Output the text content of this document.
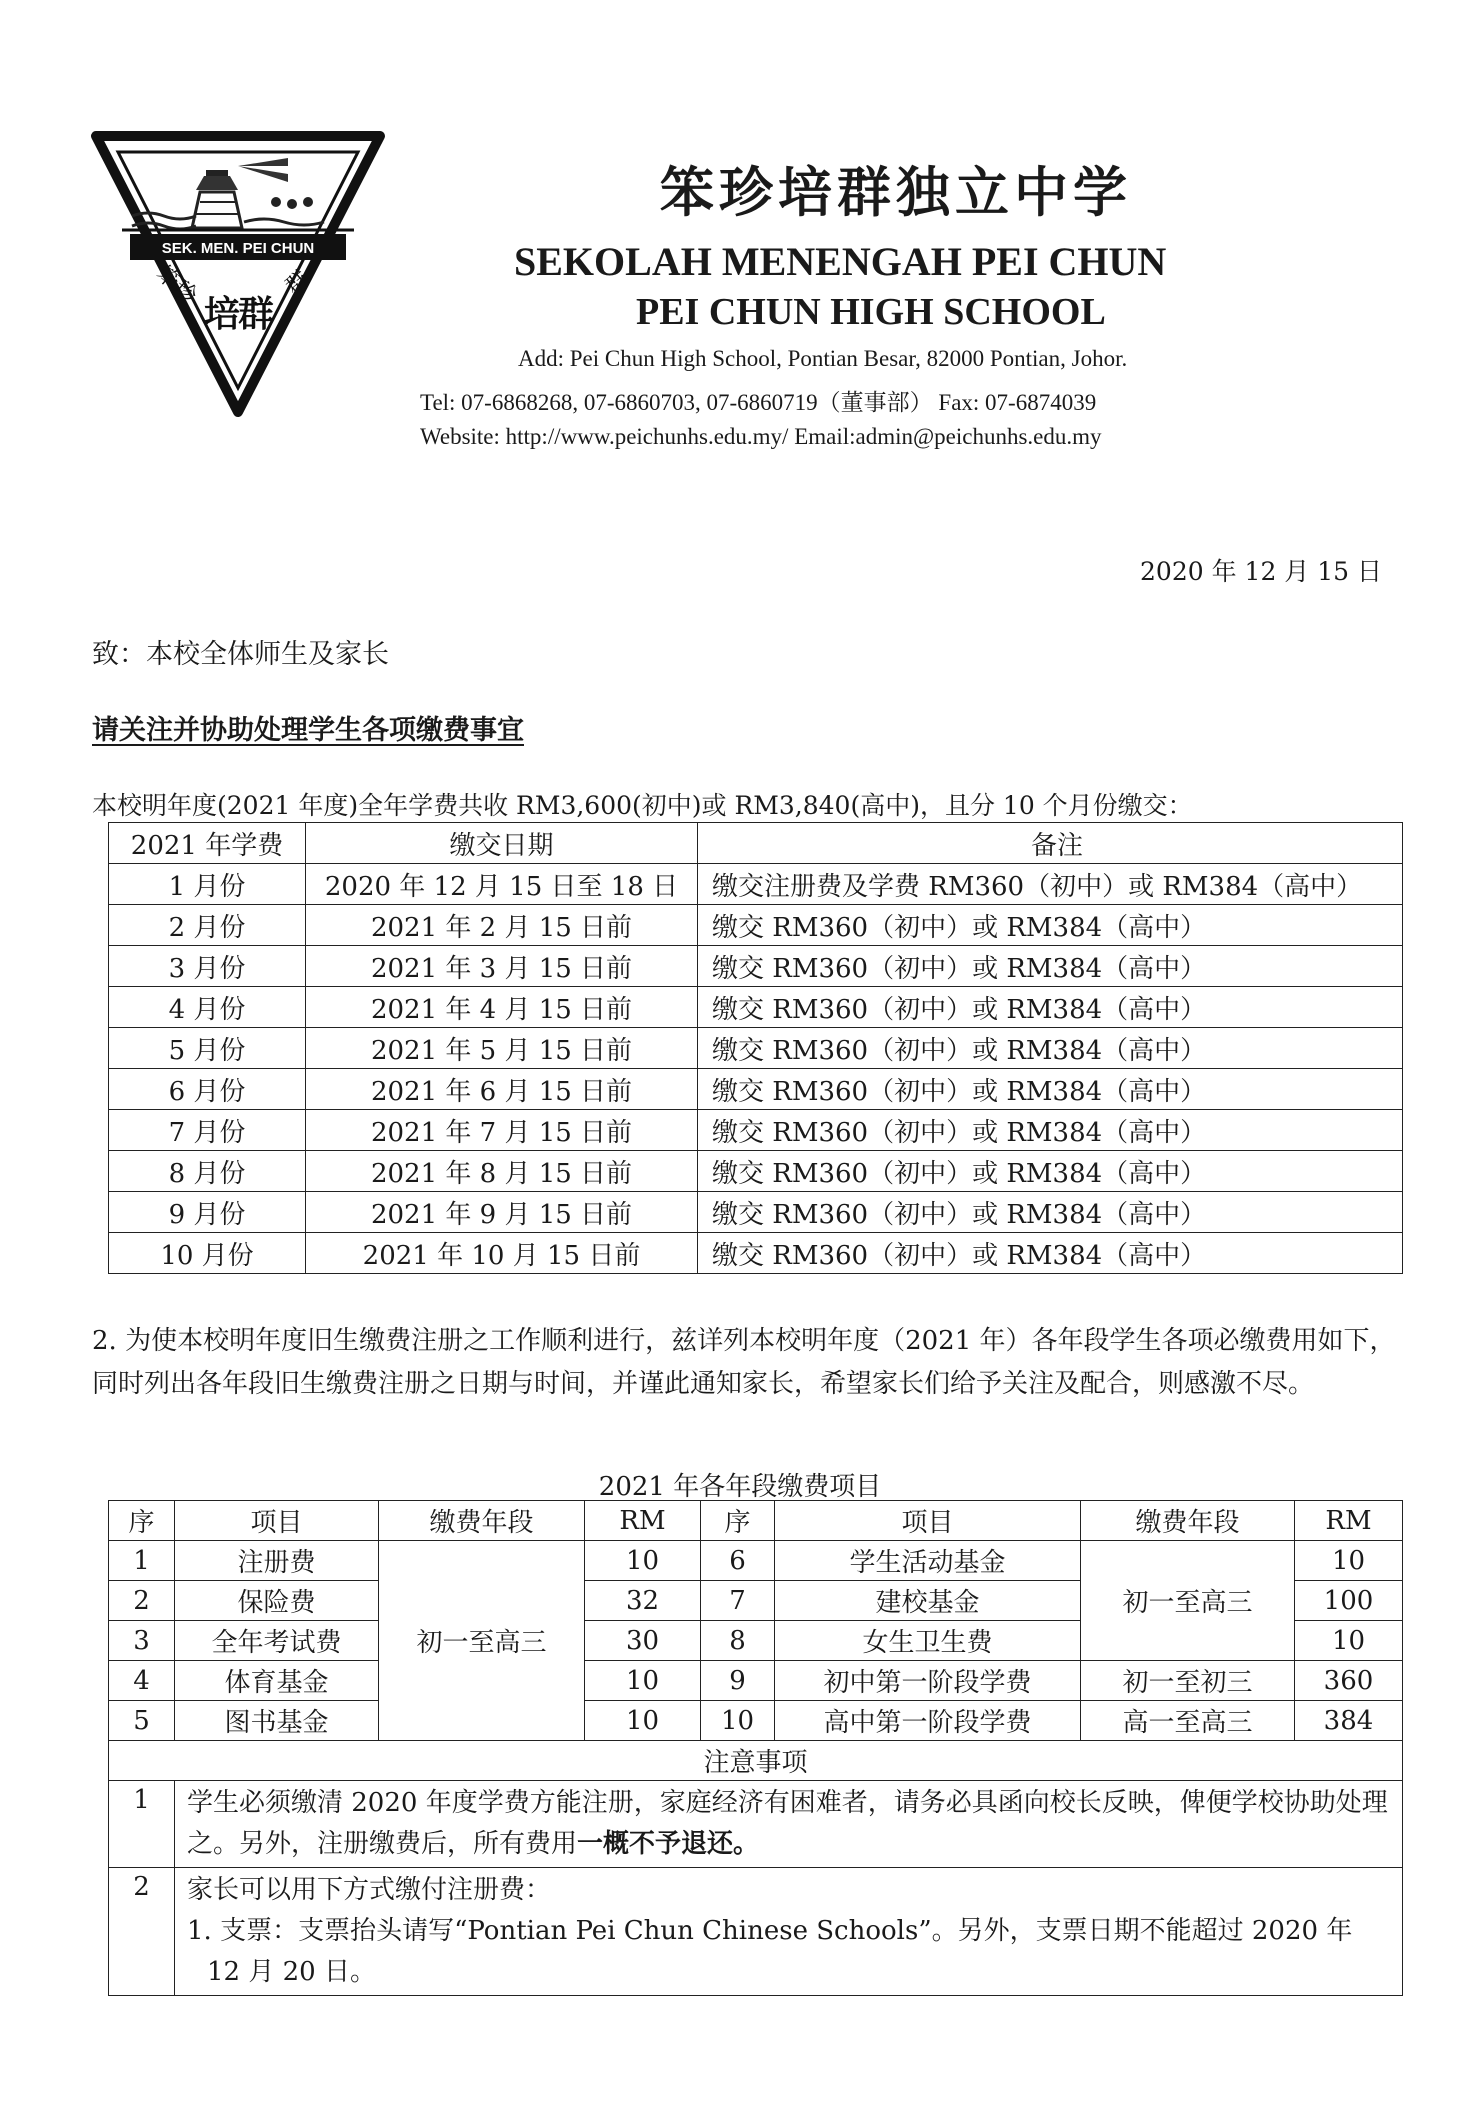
SEK. MEN. PEI CHUN
笨珍	群
培群
笨珍培群独立中学
SEKOLAH MENENGAH PEI CHUN
PEI CHUN HIGH SCHOOL
Add: Pei Chun High School, Pontian Besar, 82000 Pontian, Johor.
Tel: 07-6868268, 07-6860703, 07-6860719（董事部） Fax: 07-6874039
Website: http://www.peichunhs.edu.my/ Email:admin@peichunhs.edu.my
2020 年 12 月 15 日
致：本校全体师生及家长
请关注并协助处理学生各项缴费事宜
本校明年度(2021 年度)全年学费共收 RM3,600(初中)或 RM3,840(高中)，且分 10 个月份缴交：
2021 年学费	缴交日期	备注
1 月份	2020 年 12 月 15 日至 18 日	缴交注册费及学费 RM360（初中）或 RM384（高中）
2 月份	2021 年 2 月 15 日前	缴交 RM360（初中）或 RM384（高中）
3 月份	2021 年 3 月 15 日前	缴交 RM360（初中）或 RM384（高中）
4 月份	2021 年 4 月 15 日前	缴交 RM360（初中）或 RM384（高中）
5 月份	2021 年 5 月 15 日前	缴交 RM360（初中）或 RM384（高中）
6 月份	2021 年 6 月 15 日前	缴交 RM360（初中）或 RM384（高中）
7 月份	2021 年 7 月 15 日前	缴交 RM360（初中）或 RM384（高中）
8 月份	2021 年 8 月 15 日前	缴交 RM360（初中）或 RM384（高中）
9 月份	2021 年 9 月 15 日前	缴交 RM360（初中）或 RM384（高中）
10 月份	2021 年 10 月 15 日前	缴交 RM360（初中）或 RM384（高中）
2. 为使本校明年度旧生缴费注册之工作顺利进行，兹详列本校明年度（2021 年）各年段学生各项必缴费用如下，同时列出各年段旧生缴费注册之日期与时间，并谨此通知家长，希望家长们给予关注及配合，则感激不尽。
2021 年各年段缴费项目
序	项目	缴费年段	RM	序	项目	缴费年段	RM
1	注册费	初一至高三	10	6	学生活动基金	初一至高三	10
2	保险费		32	7	建校基金		100
3	全年考试费		30	8	女生卫生费		10
4	体育基金		10	9	初中第一阶段学费	初一至初三	360
5	图书基金		10	10	高中第一阶段学费	高一至高三	384
注意事项							
1	学生必须缴清 2020 年度学费方能注册，家庭经济有困难者，请务必具函向校长反映，俾便学校协助处理之。另外，注册缴费后，所有费用一概不予退还。						
2	家长可以用下方式缴付注册费：
1. 支票：支票抬头请写“Pontian Pei Chun Chinese Schools”。另外，支票日期不能超过 2020 年 12 月 20 日。						
